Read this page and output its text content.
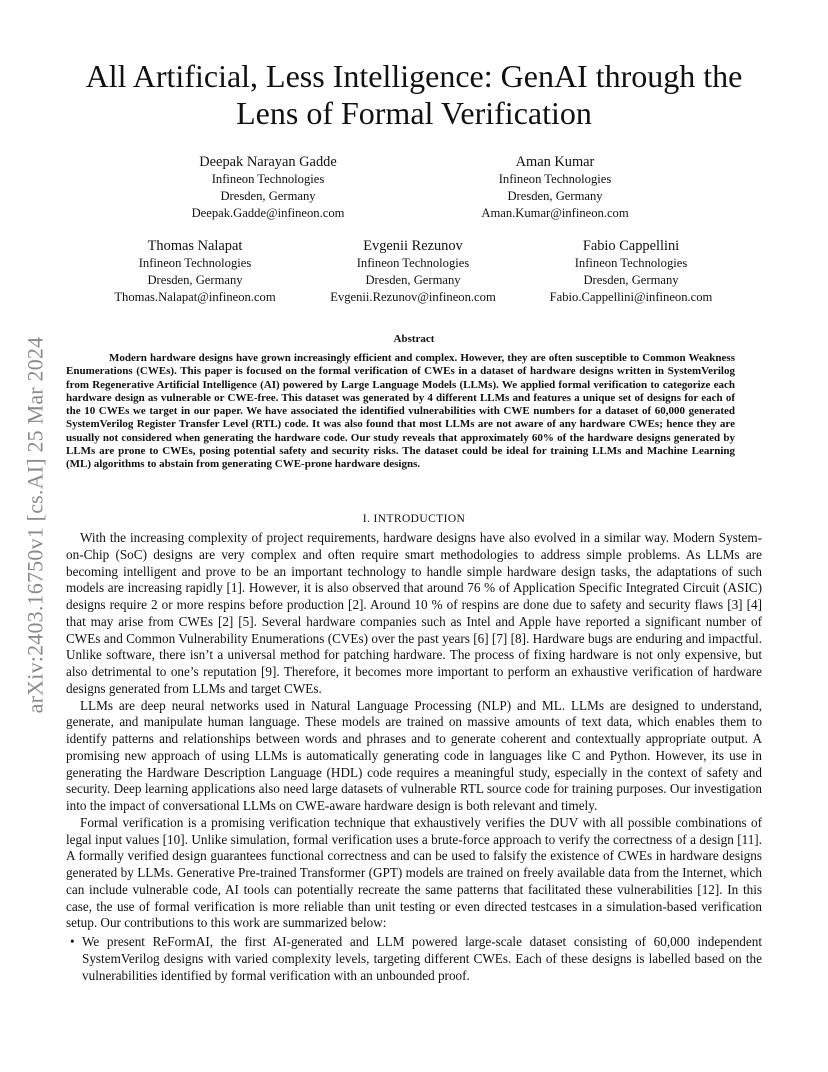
arXiv:2403.16750v1 [cs.AI] 25 Mar 2024
All Artificial, Less Intelligence: GenAI through the Lens of Formal Verification
Deepak Narayan Gadde
Infineon Technologies
Dresden, Germany
Deepak.Gadde@infineon.com
Aman Kumar
Infineon Technologies
Dresden, Germany
Aman.Kumar@infineon.com
Thomas Nalapat
Infineon Technologies
Dresden, Germany
Thomas.Nalapat@infineon.com
Evgenii Rezunov
Infineon Technologies
Dresden, Germany
Evgenii.Rezunov@infineon.com
Fabio Cappellini
Infineon Technologies
Dresden, Germany
Fabio.Cappellini@infineon.com
Abstract

Modern hardware designs have grown increasingly efficient and complex. However, they are often susceptible to Common Weakness Enumerations (CWEs). This paper is focused on the formal verification of CWEs in a dataset of hardware designs written in SystemVerilog from Regenerative Artificial Intelligence (AI) powered by Large Language Models (LLMs). We applied formal verification to categorize each hardware design as vulnerable or CWE-free. This dataset was generated by 4 different LLMs and features a unique set of designs for each of the 10 CWEs we target in our paper. We have associated the identified vulnerabilities with CWE numbers for a dataset of 60,000 generated SystemVerilog Register Transfer Level (RTL) code. It was also found that most LLMs are not aware of any hardware CWEs; hence they are usually not considered when generating the hardware code. Our study reveals that approximately 60% of the hardware designs generated by LLMs are prone to CWEs, posing potential safety and security risks. The dataset could be ideal for training LLMs and Machine Learning (ML) algorithms to abstain from generating CWE-prone hardware designs.

I. INTRODUCTION

With the increasing complexity of project requirements, hardware designs have also evolved in a similar way. Modern System-on-Chip (SoC) designs are very complex and often require smart methodologies to address simple problems. As LLMs are becoming intelligent and prove to be an important technology to handle simple hardware design tasks, the adaptations of such models are increasing rapidly [1]. However, it is also observed that around 76 % of Application Specific Integrated Circuit (ASIC) designs require 2 or more respins before production [2]. Around 10 % of respins are done due to safety and security flaws [3] [4] that may arise from CWEs [2] [5]. Several hardware companies such as Intel and Apple have reported a significant number of CWEs and Common Vulnerability Enumerations (CVEs) over the past years [6] [7] [8]. Hardware bugs are enduring and impactful. Unlike software, there isn’t a universal method for patching hardware. The process of fixing hardware is not only expensive, but also detrimental to one’s reputation [9]. Therefore, it becomes more important to perform an exhaustive verification of hardware designs generated from LLMs and target CWEs.

LLMs are deep neural networks used in Natural Language Processing (NLP) and ML. LLMs are designed to understand, generate, and manipulate human language. These models are trained on massive amounts of text data, which enables them to identify patterns and relationships between words and phrases and to generate coherent and contextually appropriate output. A promising new approach of using LLMs is automatically generating code in languages like C and Python. However, its use in generating the Hardware Description Language (HDL) code requires a meaningful study, especially in the context of safety and security. Deep learning applications also need large datasets of vulnerable RTL source code for training purposes. Our investigation into the impact of conversational LLMs on CWE-aware hardware design is both relevant and timely.

Formal verification is a promising verification technique that exhaustively verifies the DUV with all possible combinations of legal input values [10]. Unlike simulation, formal verification uses a brute-force approach to verify the correctness of a design [11]. A formally verified design guarantees functional correctness and can be used to falsify the existence of CWEs in hardware designs generated by LLMs. Generative Pre-trained Transformer (GPT) models are trained on freely available data from the Internet, which can include vulnerable code, AI tools can potentially recreate the same patterns that facilitated these vulnerabilities [12]. In this case, the use of formal verification is more reliable than unit testing or even directed testcases in a simulation-based verification setup. Our contributions to this work are summarized below:

• We present ReFormAI, the first AI-generated and LLM powered large-scale dataset consisting of 60,000 independent SystemVerilog designs with varied complexity levels, targeting different CWEs. Each of these designs is labelled based on the vulnerabilities identified by formal verification with an unbounded proof.
